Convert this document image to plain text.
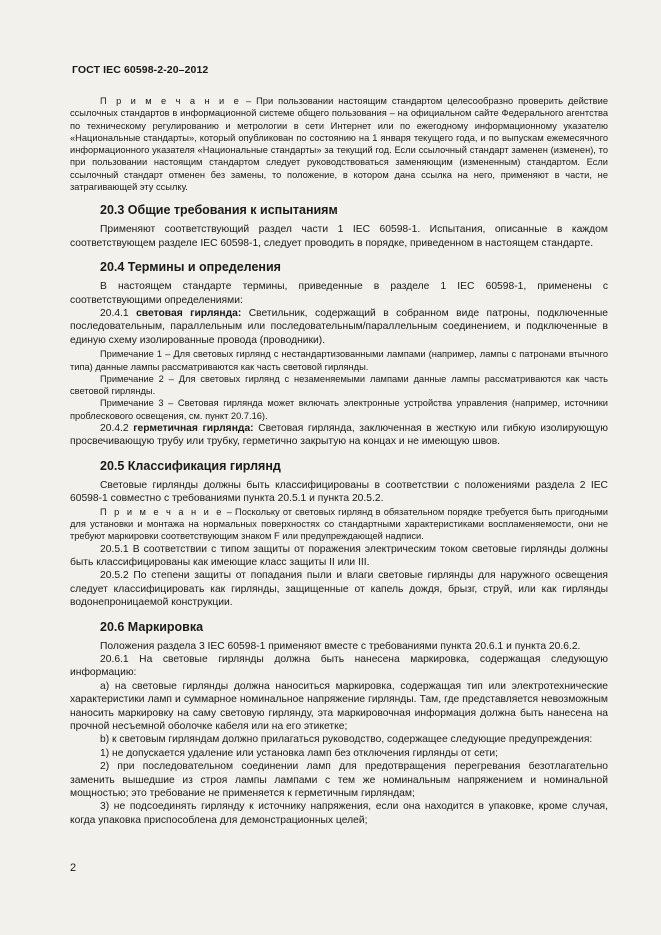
ГОСТ IEC 60598-2-20–2012

П р и м е ч а н и е – При пользовании настоящим стандартом целесообразно проверить действие ссылочных стандартов в информационной системе общего пользования – на официальном сайте Федерального агентства по техническому регулированию и метрологии в сети Интернет или по ежегодному информационному указателю «Национальные стандарты», который опубликован по состоянию на 1 января текущего года, и по выпускам ежемесячного информационного указателя «Национальные стандарты» за текущий год. Если ссылочный стандарт заменен (изменен), то при пользовании настоящим стандартом следует руководствоваться заменяющим (измененным) стандартом. Если ссылочный стандарт отменен без замены, то положение, в котором дана ссылка на него, применяют в части, не затрагивающей эту ссылку.

20.3 Общие требования к испытаниям

Применяют соответствующий раздел части 1 IEC 60598-1. Испытания, описанные в каждом соответствующем разделе IEC 60598-1, следует проводить в порядке, приведенном в настоящем стандарте.

20.4 Термины и определения

В настоящем стандарте термины, приведенные в разделе 1 IEC 60598-1, применены с соответствующими определениями:

20.4.1 световая гирлянда: Светильник, содержащий в собранном виде патроны, подключенные последовательным, параллельным или последовательным/параллельным соединением, и подключенные в единую схему изолированные провода (проводники).

Примечание 1 – Для световых гирлянд с нестандартизованными лампами (например, лампы с патронами втычного типа) данные лампы рассматриваются как часть световой гирлянды.

Примечание 2 – Для световых гирлянд с незаменяемыми лампами данные лампы рассматриваются как часть световой гирлянды.

Примечание 3 – Световая гирлянда может включать электронные устройства управления (например, источники проблескового освещения, см. пункт 20.7.16).

20.4.2 герметичная гирлянда: Световая гирлянда, заключенная в жесткую или гибкую изолирующую просвечивающую трубу или трубку, герметично закрытую на концах и не имеющую швов.

20.5 Классификация гирлянд

Световые гирлянды должны быть классифицированы в соответствии с положениями раздела 2 IEC 60598-1 совместно с требованиями пункта 20.5.1 и пункта 20.5.2.

П р и м е ч а н и е – Поскольку от световых гирлянд в обязательном порядке требуется быть пригодными для установки и монтажа на нормальных поверхностях со стандартными характеристиками воспламеняемости, они не требуют маркировки соответствующим знаком F или предупреждающей надписи.

20.5.1 В соответствии с типом защиты от поражения электрическим током световые гирлянды должны быть классифицированы как имеющие класс защиты II или III.

20.5.2 По степени защиты от попадания пыли и влаги световые гирлянды для наружного освещения следует классифицировать как гирлянды, защищенные от капель дождя, брызг, струй, или как гирлянды водонепроницаемой конструкции.

20.6 Маркировка

Положения раздела 3 IEC 60598-1 применяют вместе с требованиями пункта 20.6.1 и пункта 20.6.2.

20.6.1 На световые гирлянды должна быть нанесена маркировка, содержащая следующую информацию:

а) на световые гирлянды должна наноситься маркировка, содержащая тип или электротехнические характеристики ламп и суммарное номинальное напряжение гирлянды. Там, где представляется невозможным наносить маркировку на саму световую гирлянду, эта маркировочная информация должна быть нанесена на прочной несъемной оболочке кабеля или на его этикетке;

b) к световым гирляндам должно прилагаться руководство, содержащее следующие предупреждения:

1) не допускается удаление или установка ламп без отключения гирлянды от сети;

2) при последовательном соединении ламп для предотвращения перегревания безотлагательно заменить вышедшие из строя лампы лампами с тем же номинальным напряжением и номинальной мощностью; это требование не применяется к герметичным гирляндам;

3) не подсоединять гирлянду к источнику напряжения, если она находится в упаковке, кроме случая, когда упаковка приспособлена для демонстрационных целей;

2
